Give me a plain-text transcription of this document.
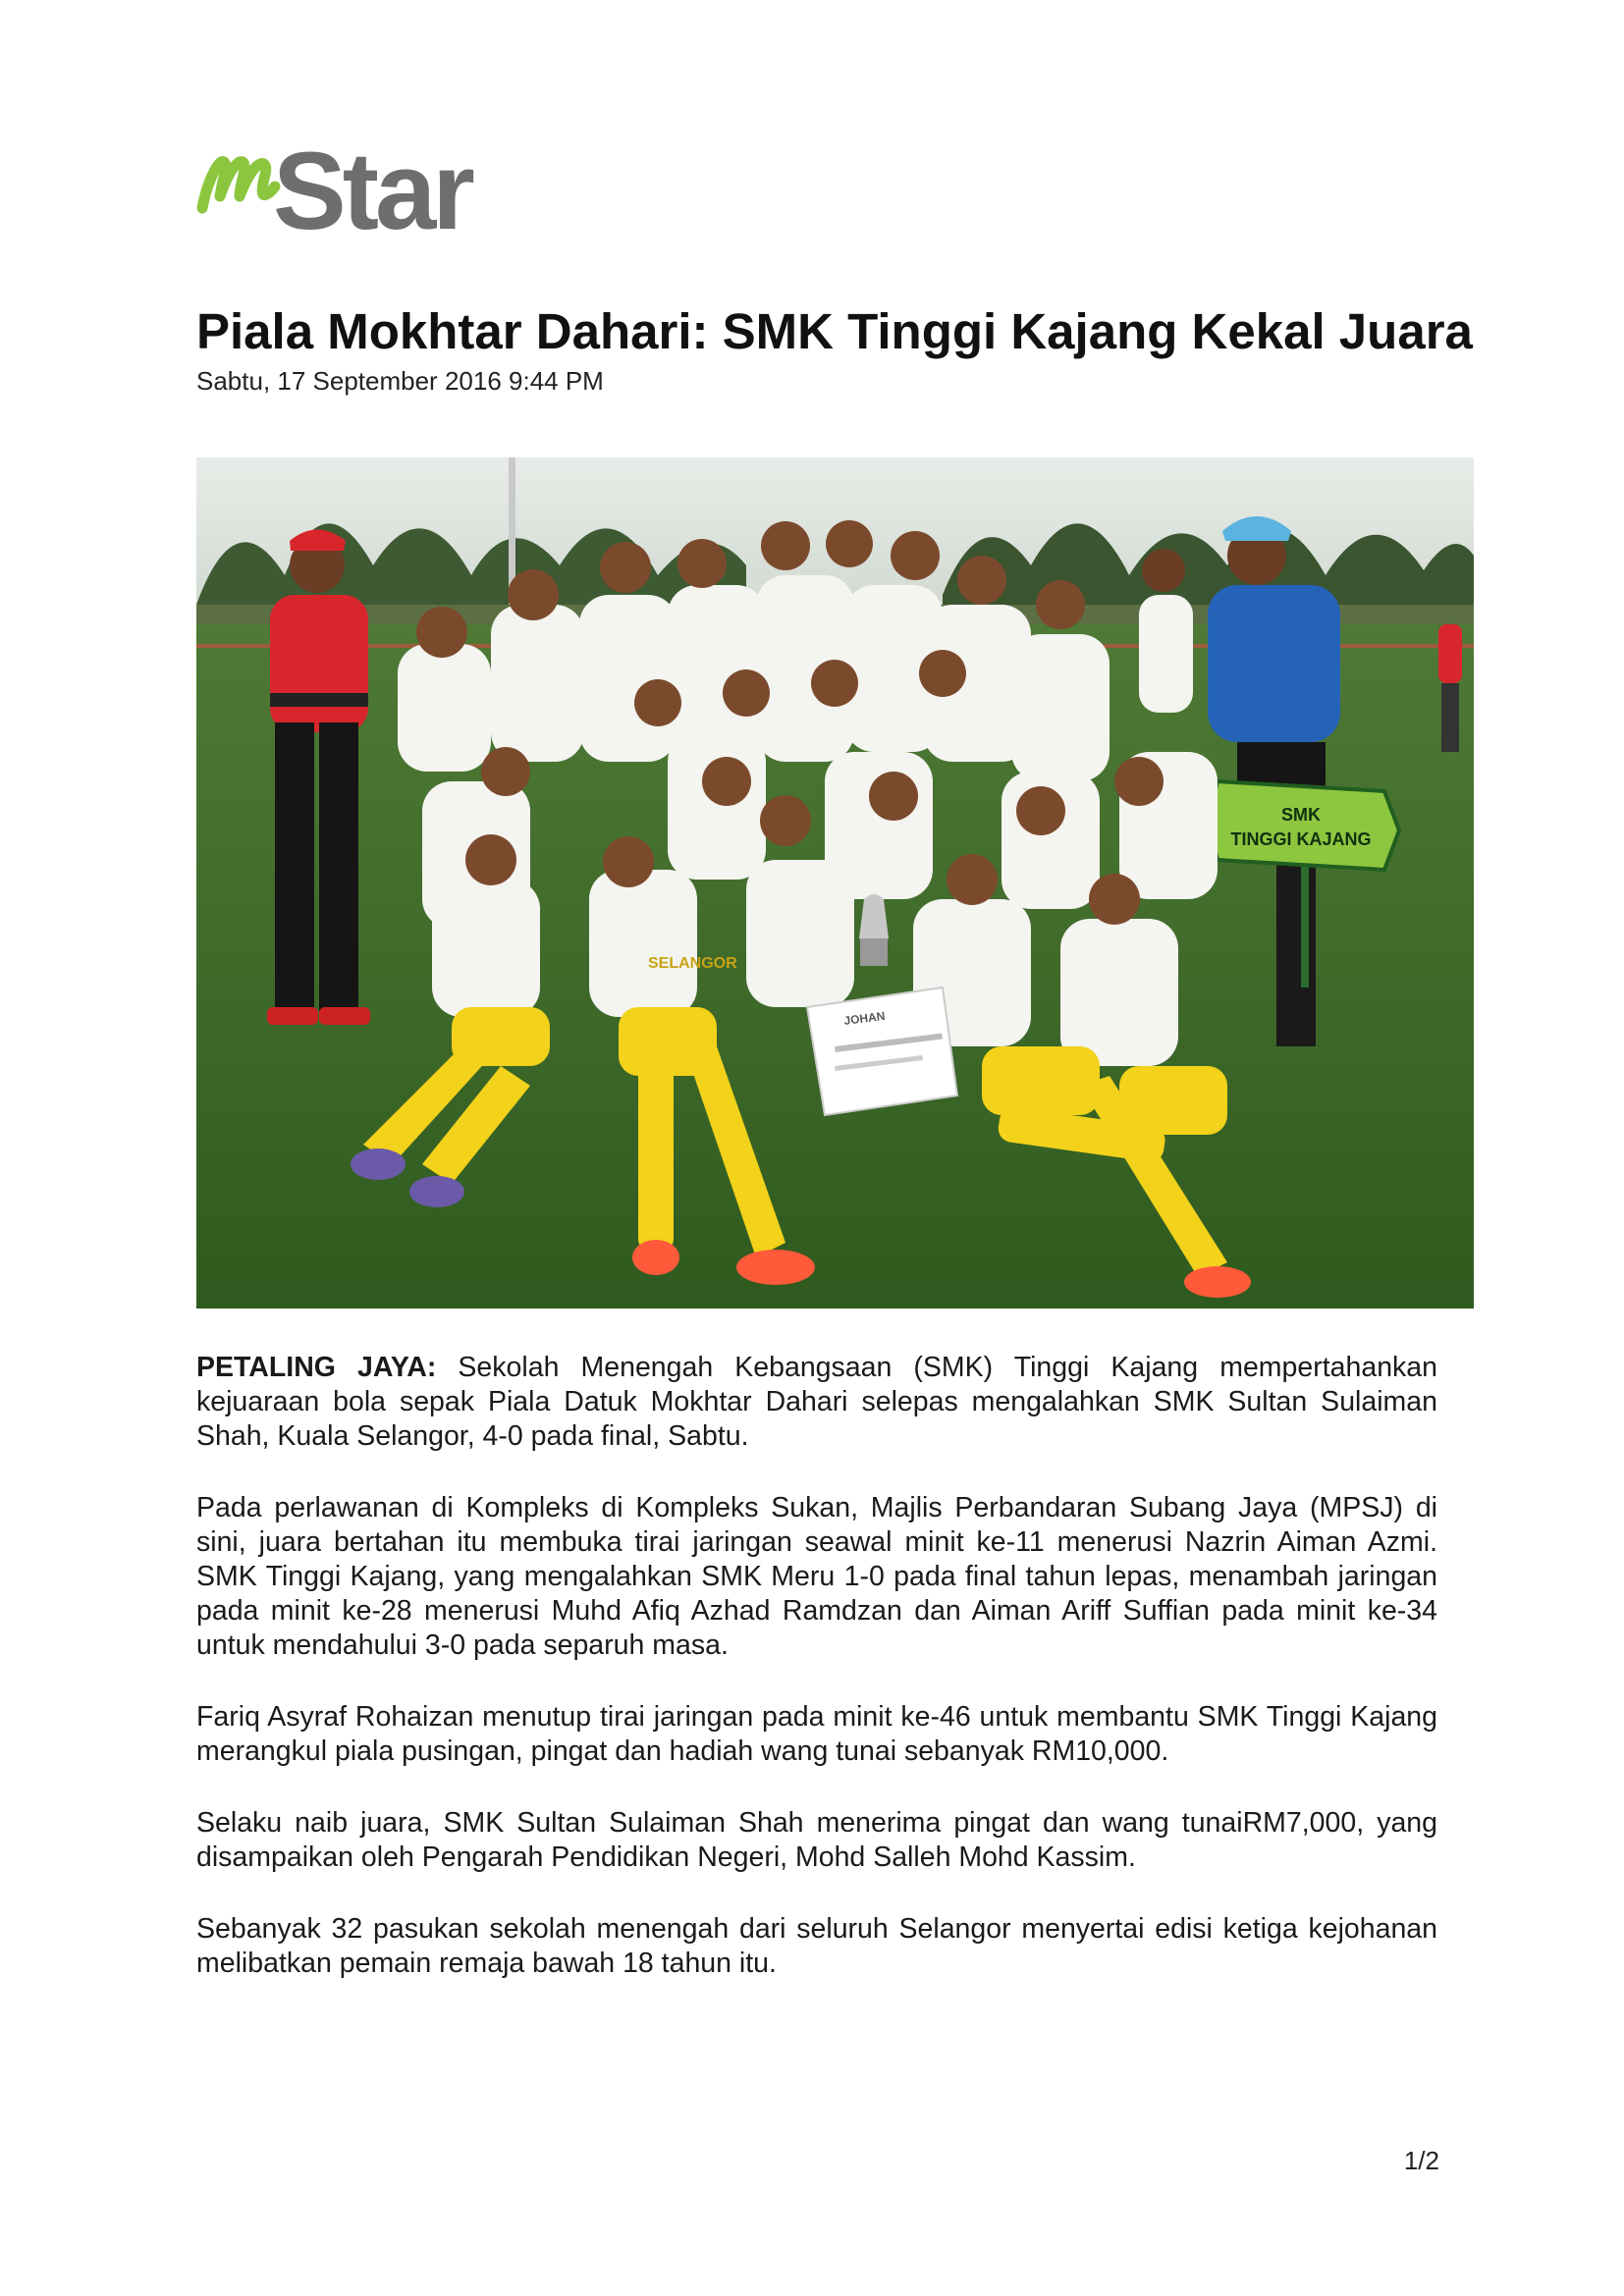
Star
Piala Mokhtar Dahari: SMK Tinggi Kajang Kekal Juara
Sabtu, 17 September 2016 9:44 PM
SMK
TINGGI KAJANG
SELANGOR
JOHAN

PETALING JAYA: Sekolah Menengah Kebangsaan (SMK) Tinggi Kajang mempertahankan kejuaraan bola sepak Piala Datuk Mokhtar Dahari selepas mengalahkan SMK Sultan Sulaiman Shah, Kuala Selangor, 4-0 pada final, Sabtu.

Pada perlawanan di Kompleks di Kompleks Sukan, Majlis Perbandaran Subang Jaya (MPSJ) di sini, juara bertahan itu membuka tirai jaringan seawal minit ke-11 menerusi Nazrin Aiman Azmi. SMK Tinggi Kajang, yang mengalahkan SMK Meru 1-0 pada final tahun lepas, menambah jaringan pada minit ke-28 menerusi Muhd Afiq Azhad Ramdzan dan Aiman Ariff Suffian pada minit ke-34 untuk mendahului 3-0 pada separuh masa.

Fariq Asyraf Rohaizan menutup tirai jaringan pada minit ke-46 untuk membantu SMK Tinggi Kajang merangkul piala pusingan, pingat dan hadiah wang tunai sebanyak RM10,000.

Selaku naib juara, SMK Sultan Sulaiman Shah menerima pingat dan wang tunaiRM7,000, yang disampaikan oleh Pengarah Pendidikan Negeri, Mohd Salleh Mohd Kassim.

Sebanyak 32 pasukan sekolah menengah dari seluruh Selangor menyertai edisi ketiga kejohanan melibatkan pemain remaja bawah 18 tahun itu.

1/2
